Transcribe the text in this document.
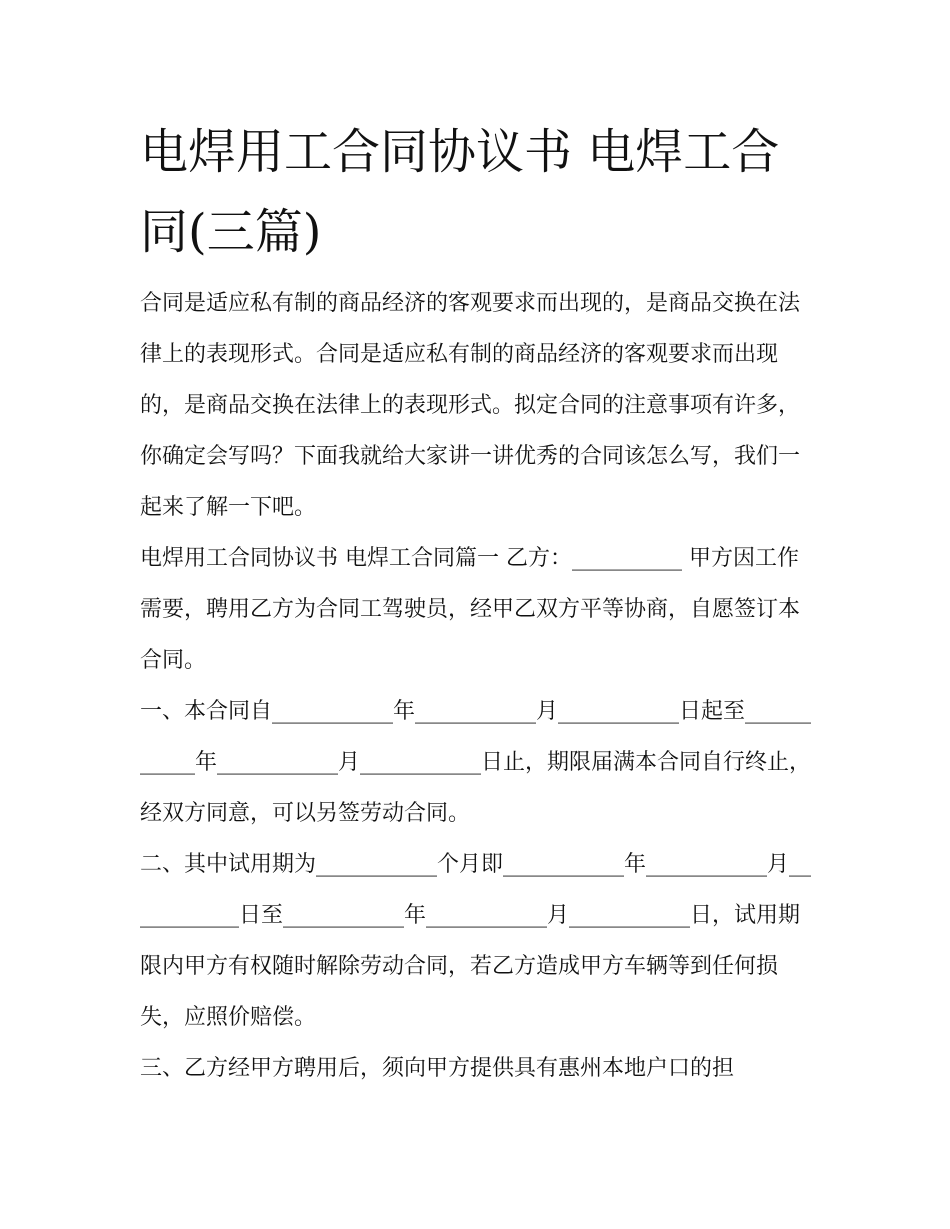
电焊用工合同协议书 电焊工合同(三篇)

合同是适应私有制的商品经济的客观要求而出现的，是商品交换在法律上的表现形式。合同是适应私有制的商品经济的客观要求而出现的，是商品交换在法律上的表现形式。拟定合同的注意事项有许多，你确定会写吗？下面我就给大家讲一讲优秀的合同该怎么写，我们一起来了解一下吧。

电焊用工合同协议书 电焊工合同篇一 乙方：__________ 甲方因工作需要，聘用乙方为合同工驾驶员，经甲乙双方平等协商，自愿签订本合同。

一、本合同自___________年___________月___________日起至___________年___________月___________日止，期限届满本合同自行终止，经双方同意，可以另签劳动合同。

二、其中试用期为___________个月即___________年___________月___________日至___________年___________月___________日，试用期限内甲方有权随时解除劳动合同，若乙方造成甲方车辆等到任何损失，应照价赔偿。

三、乙方经甲方聘用后，须向甲方提供具有惠州本地户口的担
